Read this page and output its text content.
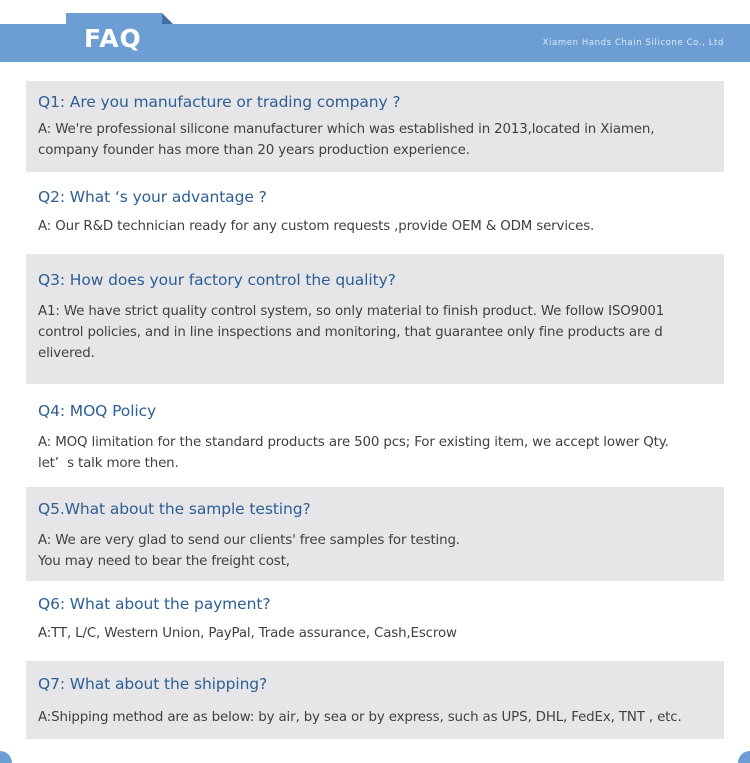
FAQ	Xiamen Hands Chain Silicone Co., Ltd
Q1: Are you manufacture or trading company ?

A: We're professional silicone manufacturer which was established in 2013,located in Xiamen,
company founder has more than 20 years production experience.

Q2: What ‘s your advantage ?

A: Our R&D technician ready for any custom requests ,provide OEM & ODM services.

Q3: How does your factory control the quality?

A1: We have strict quality control system, so only material to finish product. We follow ISO9001
control policies, and in line inspections and monitoring, that guarantee only fine products are d
elivered.

Q4: MOQ Policy

A: MOQ limitation for the standard products are 500 pcs; For existing item, we accept lower Qty.
let’  s talk more then.

Q5.What about the sample testing?

A: We are very glad to send our clients' free samples for testing.
You may need to bear the freight cost,

Q6: What about the payment?

A:TT, L/C, Western Union, PayPal, Trade assurance, Cash,Escrow

Q7: What about the shipping?

A:Shipping method are as below: by air, by sea or by express, such as UPS, DHL, FedEx, TNT , etc.
